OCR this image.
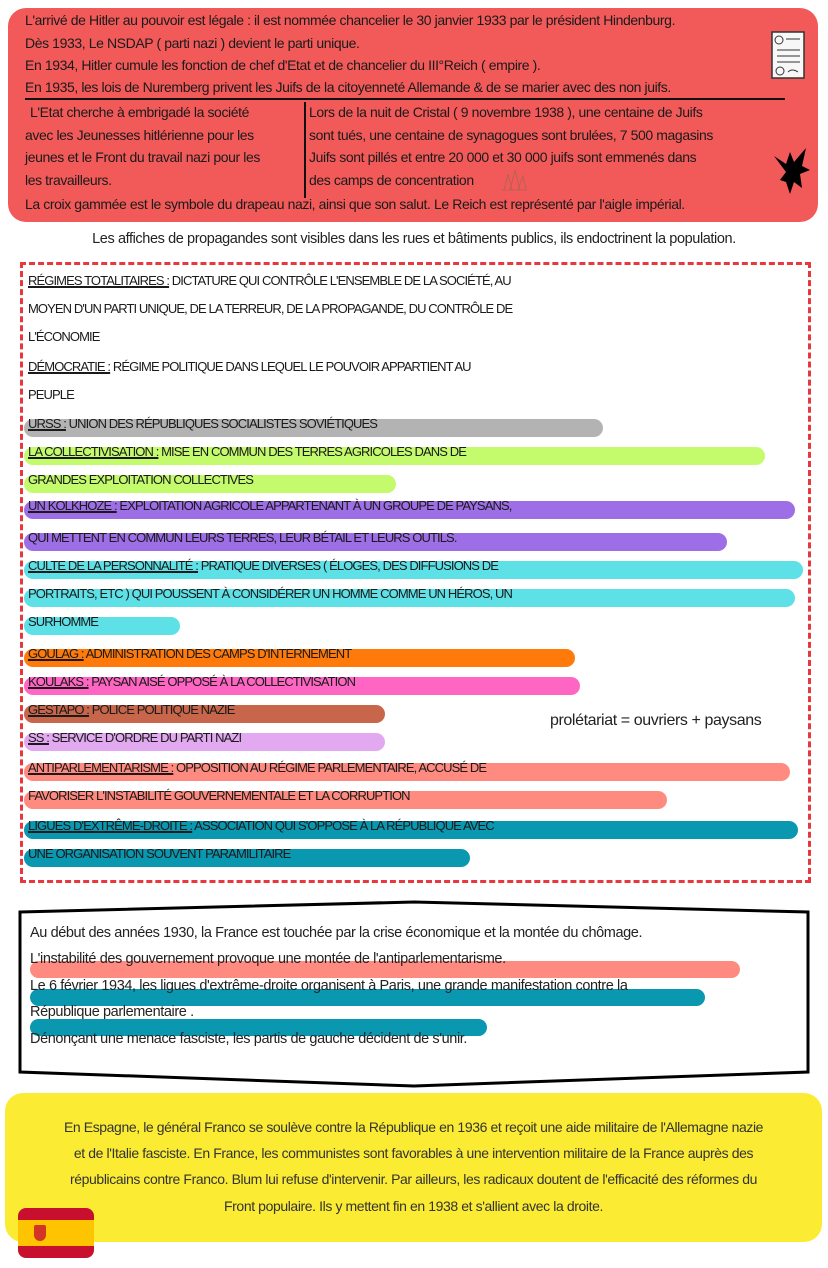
L'arrivé de Hitler au pouvoir est légale : il est nommée chancelier le 30 janvier 1933 par le président Hindenburg.
Dès 1933, Le NSDAP ( parti nazi ) devient le parti unique.
En 1934, Hitler cumule les fonction de chef d'Etat et de chancelier du III°Reich ( empire ).
En 1935, les lois de Nuremberg privent les Juifs de la citoyenneté Allemande & de se marier avec des non juifs.
L'Etat cherche à embrigadé la société
avec les Jeunesses hitlérienne pour les
jeunes et le Front du travail nazi pour les
les travailleurs.
Lors de la nuit de Cristal ( 9 novembre 1938 ), une centaine de Juifs
sont tués, une centaine de synagogues sont brulées, 7 500 magasins
Juifs sont pillés et entre 20 000 et 30 000 juifs sont emmenés dans
des camps de concentration
La croix gammée est le symbole du drapeau nazi, ainsi que son salut. Le Reich est représenté par l'aigle impérial.
Les affiches de propagandes sont visibles dans les rues et bâtiments publics, ils endoctrinent la population.
RÉGIMES TOTALITAIRES : DICTATURE QUI CONTRÔLE L'ENSEMBLE DE LA SOCIÉTÉ, AU
MOYEN D'UN PARTI UNIQUE, DE LA TERREUR, DE LA PROPAGANDE, DU CONTRÔLE DE
L'ÉCONOMIE
DÉMOCRATIE : RÉGIME POLITIQUE DANS LEQUEL LE POUVOIR APPARTIENT AU
PEUPLE
URSS : UNION DES RÉPUBLIQUES SOCIALISTES SOVIÉTIQUES
LA COLLECTIVISATION : MISE EN COMMUN DES TERRES AGRICOLES DANS DE
GRANDES EXPLOITATION COLLECTIVES
UN KOLKHOZE : EXPLOITATION AGRICOLE APPARTENANT À UN GROUPE DE PAYSANS,
QUI METTENT EN COMMUN LEURS TERRES, LEUR BÉTAIL ET LEURS OUTILS.
CULTE DE LA PERSONNALITÉ : PRATIQUE DIVERSES ( ÉLOGES, DES DIFFUSIONS DE
PORTRAITS, ETC ) QUI POUSSENT À CONSIDÉRER UN HOMME COMME UN HÉROS, UN
SURHOMME
GOULAG : ADMINISTRATION DES CAMPS D'INTERNEMENT
KOULAKS : PAYSAN AISÉ OPPOSÉ À LA COLLECTIVISATION
GESTAPO : POLICE POLITIQUE NAZIE
SS : SERVICE D'ORDRE DU PARTI NAZI
ANTIPARLEMENTARISME : OPPOSITION AU RÉGIME PARLEMENTAIRE, ACCUSÉ DE
FAVORISER L'INSTABILITÉ GOUVERNEMENTALE ET LA CORRUPTION
LIGUES D'EXTRÊME-DROITE : ASSOCIATION QUI S'OPPOSE À LA RÉPUBLIQUE AVEC
UNE ORGANISATION SOUVENT PARAMILITAIRE
prolétariat = ouvriers + paysans
Au début des années 1930, la France est touchée par la crise économique et la montée du chômage.
L'instabilité des gouvernement provoque une montée de l'antiparlementarisme.
Le 6 février 1934, les ligues d'extrême-droite organisent à Paris, une grande manifestation contre la
République parlementaire .
Dénonçant une menace fasciste, les partis de gauche décident de s'unir.
En Espagne, le général Franco se soulève contre la République en 1936 et reçoit une aide militaire de l'Allemagne nazie
et de l'Italie fasciste. En France, les communistes sont favorables à une intervention militaire de la France auprès des
républicains contre Franco. Blum lui refuse d'intervenir. Par ailleurs, les radicaux doutent de l'efficacité des réformes du
Front populaire. Ils y mettent fin en 1938 et s'allient avec la droite.
